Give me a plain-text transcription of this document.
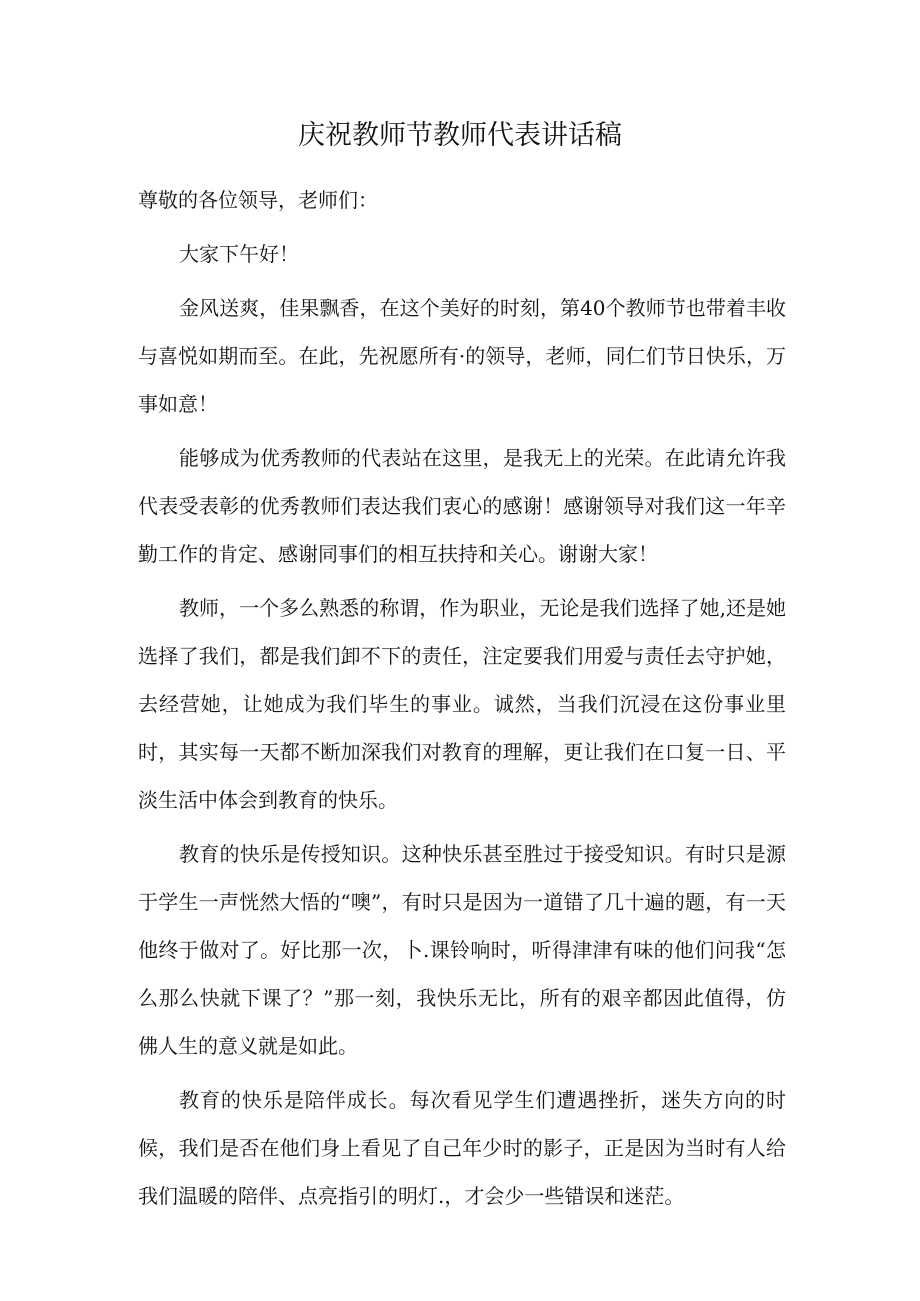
庆祝教师节教师代表讲话稿

尊敬的各位领导，老师们：

大家下午好！

金风送爽，佳果飘香，在这个美好的时刻，第40个教师节也带着丰收与喜悦如期而至。在此，先祝愿所有·的领导，老师，同仁们节日快乐，万事如意！

能够成为优秀教师的代表站在这里，是我无上的光荣。在此请允许我代表受表彰的优秀教师们表达我们衷心的感谢！感谢领导对我们这一年辛勤工作的肯定、感谢同事们的相互扶持和关心。谢谢大家！

教师，一个多么熟悉的称谓，作为职业，无论是我们选择了她,还是她选择了我们，都是我们卸不下的责任，注定要我们用爱与责任去守护她，去经营她，让她成为我们毕生的事业。诚然，当我们沉浸在这份事业里时，其实每一天都不断加深我们对教育的理解，更让我们在口复一日、平淡生活中体会到教育的快乐。

教育的快乐是传授知识。这种快乐甚至胜过于接受知识。有时只是源于学生一声恍然大悟的“噢”，有时只是因为一道错了几十遍的题，有一天他终于做对了。好比那一次，卜.课铃响时，听得津津有味的他们问我“怎么那么快就下课了？”那一刻，我快乐无比，所有的艰辛都因此值得，仿佛人生的意义就是如此。

教育的快乐是陪伴成长。每次看见学生们遭遇挫折，迷失方向的时候，我们是否在他们身上看见了自己年少时的影子，正是因为当时有人给我们温暖的陪伴、点亮指引的明灯.，才会少一些错误和迷茫。
